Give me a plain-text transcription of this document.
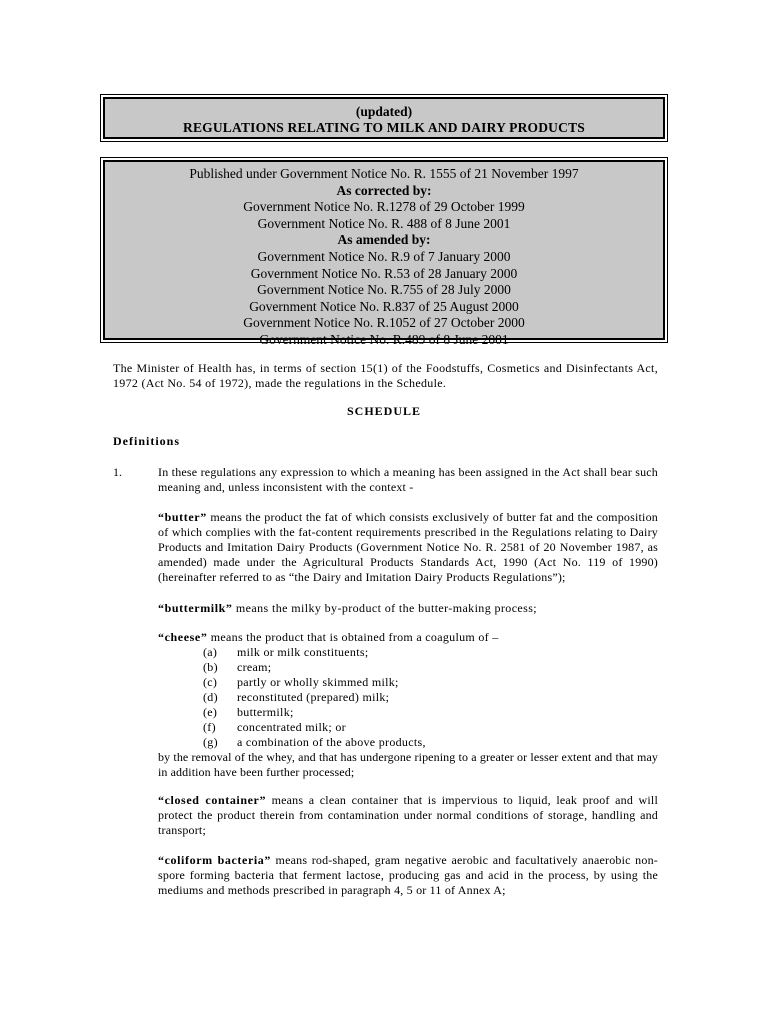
(updated)
REGULATIONS RELATING TO MILK AND DAIRY PRODUCTS
Published under Government Notice No. R. 1555 of 21 November 1997
As corrected by:
Government Notice No. R.1278 of 29 October 1999
Government Notice No. R. 488 of 8 June 2001
As amended by:
Government Notice No. R.9 of 7 January 2000
Government Notice No. R.53 of 28 January 2000
Government Notice No. R.755 of 28 July 2000
Government Notice No. R.837 of 25 August 2000
Government Notice No. R.1052 of 27 October 2000
Government Notice No. R.489 of 8 June 2001
The Minister of Health has, in terms of section 15(1) of the Foodstuffs, Cosmetics and Disinfectants Act, 1972 (Act No. 54 of 1972), made the regulations in the Schedule.
SCHEDULE
Definitions
1.	In these regulations any expression to which a meaning has been assigned in the Act shall bear such meaning and, unless inconsistent with the context -
“butter” means the product the fat of which consists exclusively of butter fat and the composition of which complies with the fat-content requirements prescribed in the Regulations relating to Dairy Products and Imitation Dairy Products (Government Notice No. R. 2581 of 20 November 1987, as amended) made under the Agricultural Products Standards Act, 1990 (Act No. 119 of 1990) (hereinafter referred to as “the Dairy and Imitation Dairy Products Regulations”);
“buttermilk” means the milky by-product of the butter-making process;
“cheese” means the product that is obtained from a coagulum of –
(a) milk or milk constituents;
(b) cream;
(c) partly or wholly skimmed milk;
(d) reconstituted (prepared) milk;
(e) buttermilk;
(f) concentrated milk; or
(g) a combination of the above products,
by the removal of the whey, and that has undergone ripening to a greater or lesser extent and that may in addition have been further processed;
“closed container” means a clean container that is impervious to liquid, leak proof and will protect the product therein from contamination under normal conditions of storage, handling and transport;
“coliform bacteria” means rod-shaped, gram negative aerobic and facultatively anaerobic non-spore forming bacteria that ferment lactose, producing gas and acid in the process, by using the mediums and methods prescribed in paragraph 4, 5 or 11 of Annex A;
